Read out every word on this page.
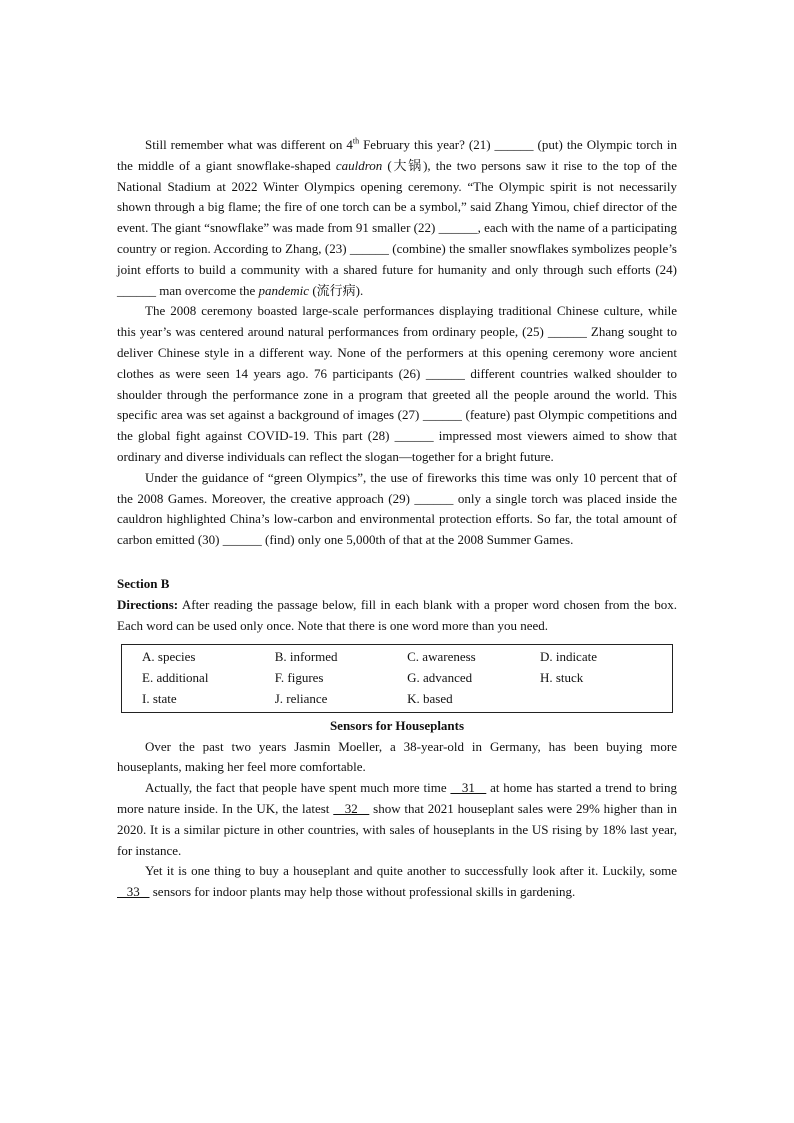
Still remember what was different on 4th February this year? (21) ______ (put) the Olympic torch in the middle of a giant snowflake-shaped cauldron (大锅), the two persons saw it rise to the top of the National Stadium at 2022 Winter Olympics opening ceremony. “The Olympic spirit is not necessarily shown through a big flame; the fire of one torch can be a symbol,” said Zhang Yimou, chief director of the event. The giant “snowflake” was made from 91 smaller (22) ______, each with the name of a participating country or region. According to Zhang, (23) ______ (combine) the smaller snowflakes symbolizes people’s joint efforts to build a community with a shared future for humanity and only through such efforts (24) ______ man overcome the pandemic (流行病).

The 2008 ceremony boasted large-scale performances displaying traditional Chinese culture, while this year’s was centered around natural performances from ordinary people, (25) ______ Zhang sought to deliver Chinese style in a different way. None of the performers at this opening ceremony wore ancient clothes as were seen 14 years ago. 76 participants (26) ______ different countries walked shoulder to shoulder through the performance zone in a program that greeted all the people around the world. This specific area was set against a background of images (27) ______ (feature) past Olympic competitions and the global fight against COVID-19. This part (28) ______ impressed most viewers aimed to show that ordinary and diverse individuals can reflect the slogan—together for a bright future.

Under the guidance of “green Olympics”, the use of fireworks this time was only 10 percent that of the 2008 Games. Moreover, the creative approach (29) ______ only a single torch was placed inside the cauldron highlighted China’s low-carbon and environmental protection efforts. So far, the total amount of carbon emitted (30) ______ (find) only one 5,000th of that at the 2008 Summer Games.

Section B

Directions: After reading the passage below, fill in each blank with a proper word chosen from the box. Each word can be used only once. Note that there is one word more than you need.

A. species	B. informed	C. awareness	D. indicate
E. additional	F. figures	G. advanced	H. stuck
I. state	J. reliance	K. based	
Sensors for Houseplants

Over the past two years Jasmin Moeller, a 38-year-old in Germany, has been buying more houseplants, making her feel more comfortable.

Actually, the fact that people have spent much more time    31    at home has started a trend to bring more nature inside. In the UK, the latest    32    show that 2021 houseplant sales were 29% higher than in 2020. It is a similar picture in other countries, with sales of houseplants in the US rising by 18% last year, for instance.

Yet it is one thing to buy a houseplant and quite another to successfully look after it. Luckily, some    33    sensors for indoor plants may help those without professional skills in gardening.
